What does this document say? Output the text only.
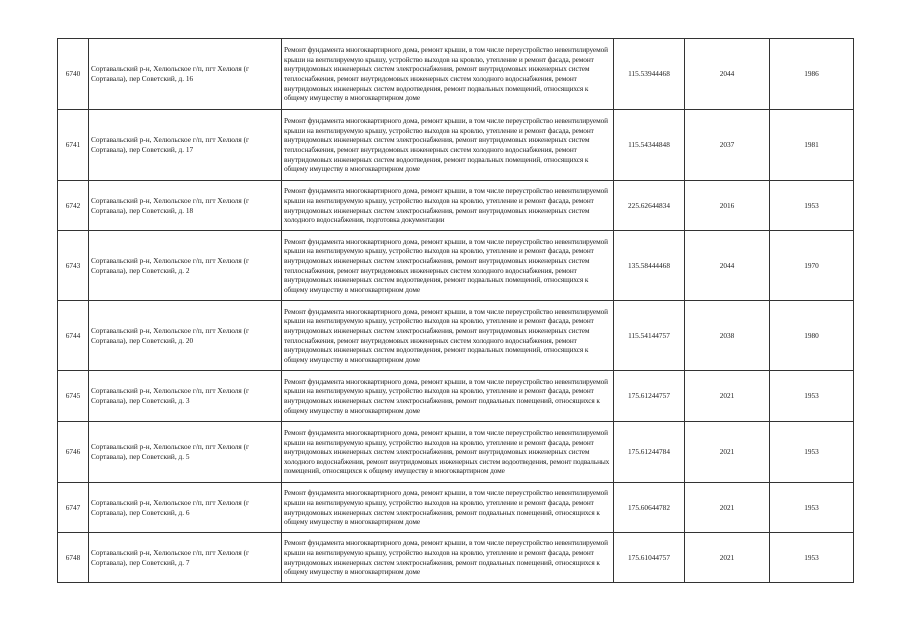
6740	Сортавальский р-н, Хелюльское г/п, пгт Хелюля (г Сортавала), пер Советский, д. 16	Ремонт фундамента многоквартирного дома, ремонт крыши, в том числе переустройство невентилируемой крыши на вентилируемую крышу, устройство выходов на кровлю, утепление и ремонт фасада, ремонт внутридомовых инженерных систем электроснабжения, ремонт внутридомовых инженерных систем теплоснабжения, ремонт внутридомовых инженерных систем холодного водоснабжения, ремонт внутридомовых инженерных систем водоотведения, ремонт подвальных помещений, относящихся к общему имуществу в многоквартирном доме	115.53944468	2044	1986
6741	Сортавальский р-н, Хелюльское г/п, пгт Хелюля (г Сортавала), пер Советский, д. 17	Ремонт фундамента многоквартирного дома, ремонт крыши, в том числе переустройство невентилируемой крыши на вентилируемую крышу, устройство выходов на кровлю, утепление и ремонт фасада, ремонт внутридомовых инженерных систем электроснабжения, ремонт внутридомовых инженерных систем теплоснабжения, ремонт внутридомовых инженерных систем холодного водоснабжения, ремонт внутридомовых инженерных систем водоотведения, ремонт подвальных помещений, относящихся к общему имуществу в многоквартирном доме	115.54344848	2037	1981
6742	Сортавальский р-н, Хелюльское г/п, пгт Хелюля (г Сортавала), пер Советский, д. 18	Ремонт фундамента многоквартирного дома, ремонт крыши, в том числе переустройство невентилируемой крыши на вентилируемую крышу, устройство выходов на кровлю, утепление и ремонт фасада, ремонт внутридомовых инженерных систем электроснабжения, ремонт внутридомовых инженерных систем холодного водоснабжения, подготовка документации	225.62644834	2016	1953
6743	Сортавальский р-н, Хелюльское г/п, пгт Хелюля (г Сортавала), пер Советский, д. 2	Ремонт фундамента многоквартирного дома, ремонт крыши, в том числе переустройство невентилируемой крыши на вентилируемую крышу, устройство выходов на кровлю, утепление и ремонт фасада, ремонт внутридомовых инженерных систем электроснабжения, ремонт внутридомовых инженерных систем теплоснабжения, ремонт внутридомовых инженерных систем холодного водоснабжения, ремонт внутридомовых инженерных систем водоотведения, ремонт подвальных помещений, относящихся к общему имуществу в многоквартирном доме	135.58444468	2044	1970
6744	Сортавальский р-н, Хелюльское г/п, пгт Хелюля (г Сортавала), пер Советский, д. 20	Ремонт фундамента многоквартирного дома, ремонт крыши, в том числе переустройство невентилируемой крыши на вентилируемую крышу, устройство выходов на кровлю, утепление и ремонт фасада, ремонт внутридомовых инженерных систем электроснабжения, ремонт внутридомовых инженерных систем теплоснабжения, ремонт внутридомовых инженерных систем холодного водоснабжения, ремонт внутридомовых инженерных систем водоотведения, ремонт подвальных помещений, относящихся к общему имуществу в многоквартирном доме	115.54144757	2038	1980
6745	Сортавальский р-н, Хелюльское г/п, пгт Хелюля (г Сортавала), пер Советский, д. 3	Ремонт фундамента многоквартирного дома, ремонт крыши, в том числе переустройство невентилируемой крыши на вентилируемую крышу, устройство выходов на кровлю, утепление и ремонт фасада, ремонт внутридомовых инженерных систем электроснабжения, ремонт подвальных помещений, относящихся к общему имуществу в многоквартирном доме	175.61244757	2021	1953
6746	Сортавальский р-н, Хелюльское г/п, пгт Хелюля (г Сортавала), пер Советский, д. 5	Ремонт фундамента многоквартирного дома, ремонт крыши, в том числе переустройство невентилируемой крыши на вентилируемую крышу, устройство выходов на кровлю, утепление и ремонт фасада, ремонт внутридомовых инженерных систем электроснабжения, ремонт внутридомовых инженерных систем холодного водоснабжения, ремонт внутридомовых инженерных систем водоотведения, ремонт подвальных помещений, относящихся к общему имуществу в многоквартирном доме	175.61244784	2021	1953
6747	Сортавальский р-н, Хелюльское г/п, пгт Хелюля (г Сортавала), пер Советский, д. 6	Ремонт фундамента многоквартирного дома, ремонт крыши, в том числе переустройство невентилируемой крыши на вентилируемую крышу, устройство выходов на кровлю, утепление и ремонт фасада, ремонт внутридомовых инженерных систем электроснабжения, ремонт подвальных помещений, относящихся к общему имуществу в многоквартирном доме	175.60644782	2021	1953
6748	Сортавальский р-н, Хелюльское г/п, пгт Хелюля (г Сортавала), пер Советский, д. 7	Ремонт фундамента многоквартирного дома, ремонт крыши, в том числе переустройство невентилируемой крыши на вентилируемую крышу, устройство выходов на кровлю, утепление и ремонт фасада, ремонт внутридомовых инженерных систем электроснабжения, ремонт подвальных помещений, относящихся к общему имуществу в многоквартирном доме	175.61044757	2021	1953
